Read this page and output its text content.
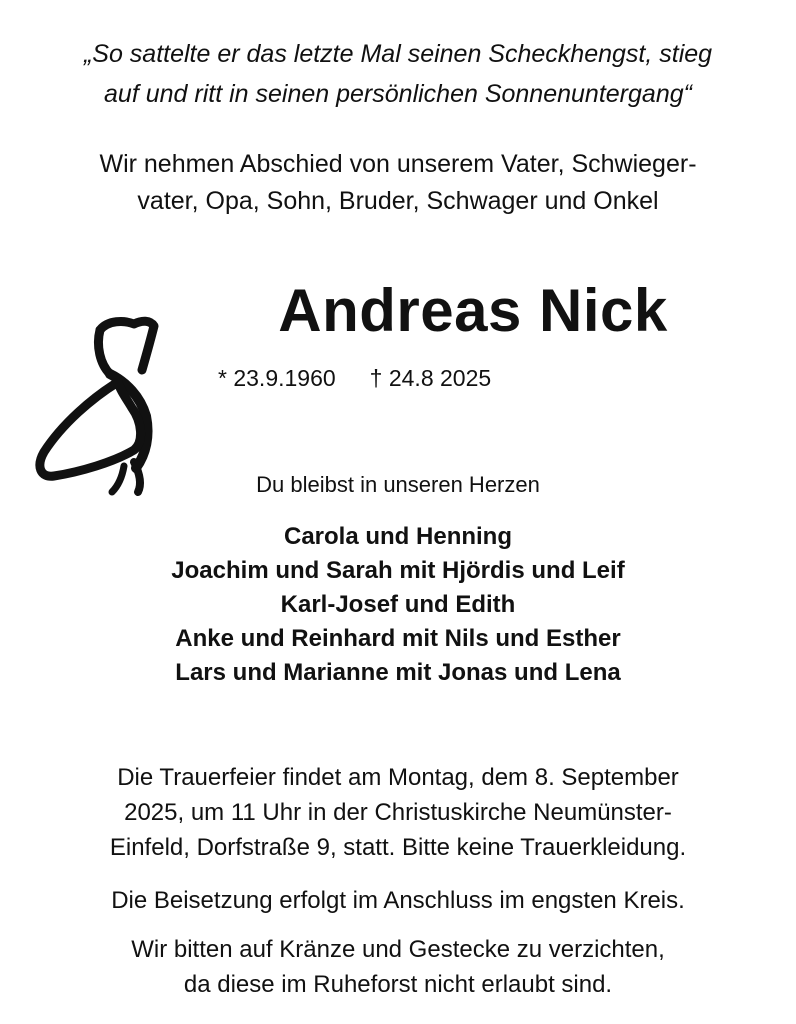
„So sattelte er das letzte Mal seinen Scheckhengst, stieg
auf und ritt in seinen persönlichen Sonnenuntergang“
Wir nehmen Abschied von unserem Vater, Schwieger-
vater, Opa, Sohn, Bruder, Schwager und Onkel
Andreas Nick
* 23.9.1960 † 24.8 2025
Du bleibst in unseren Herzen
Carola und Henning
Joachim und Sarah mit Hjördis und Leif
Karl-Josef und Edith
Anke und Reinhard mit Nils und Esther
Lars und Marianne mit Jonas und Lena
Die Trauerfeier findet am Montag, dem 8. September
2025, um 11 Uhr in der Christuskirche Neumünster-
Einfeld, Dorfstraße 9, statt. Bitte keine Trauerkleidung.
Die Beisetzung erfolgt im Anschluss im engsten Kreis.
Wir bitten auf Kränze und Gestecke zu verzichten,
da diese im Ruheforst nicht erlaubt sind.
